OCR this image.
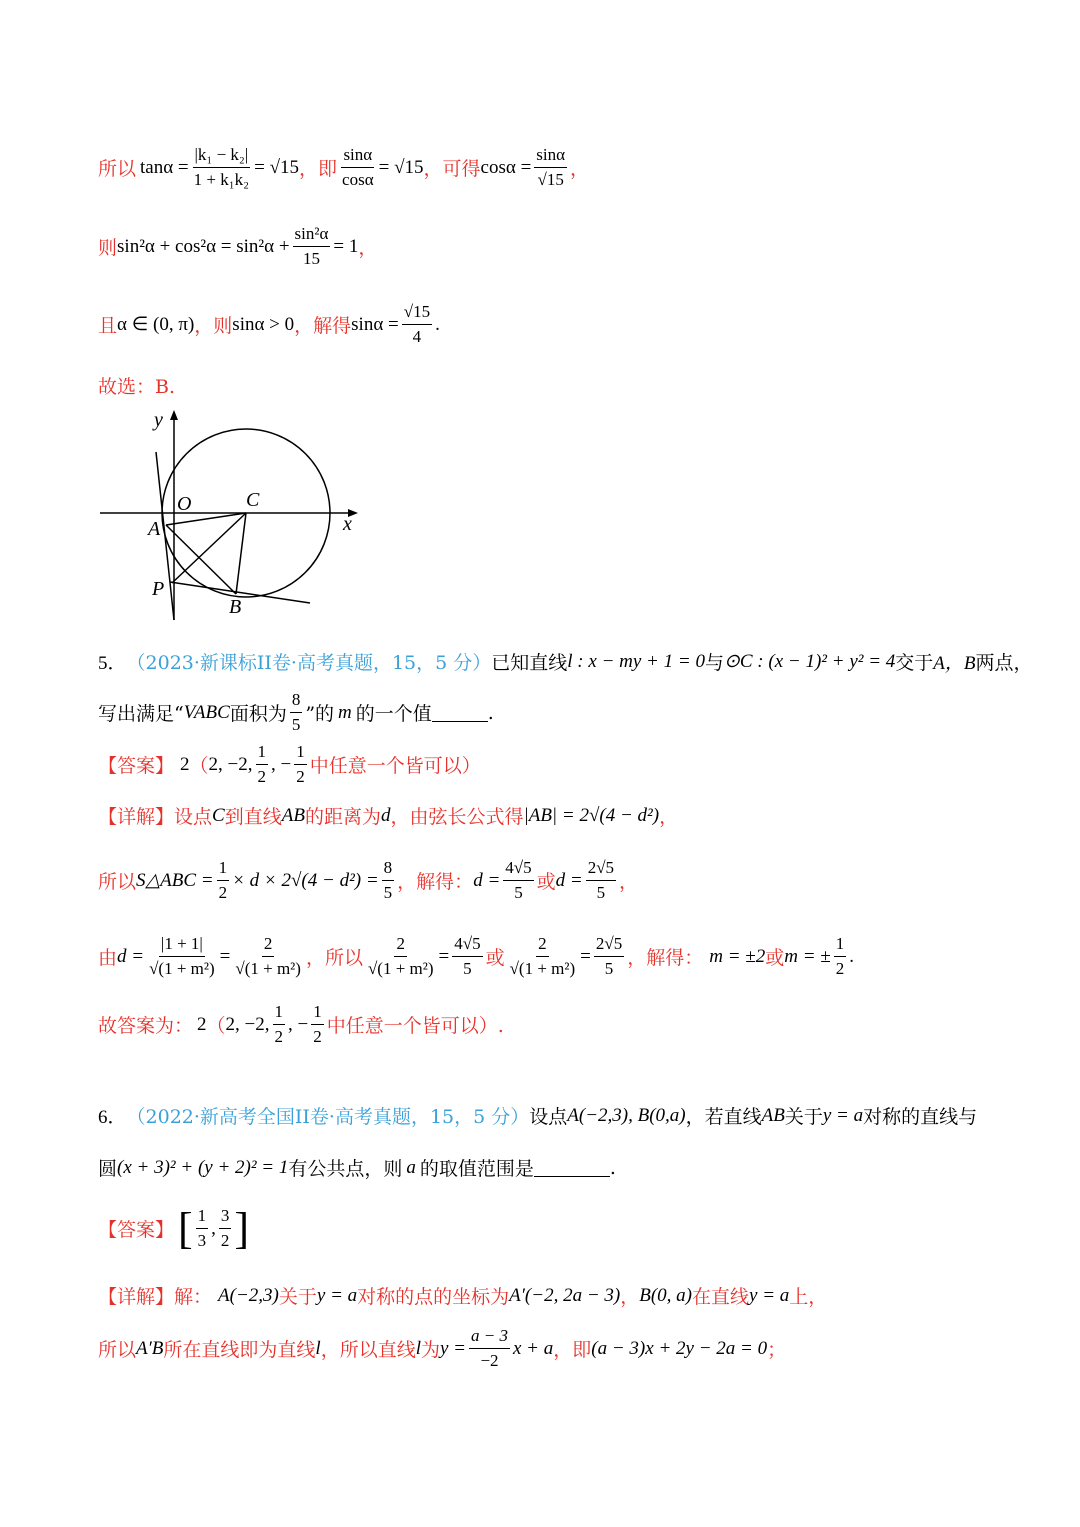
所以 $\tan\alpha = \frac{\text{|k₁ − k₂|}}{\text{1 + k₁k₂}} = √15$ ，即 $\frac{\sin\alpha}{\cos\alpha} = √15$ ，可得 $\cos\alpha = \frac{\sin\alpha}{√15}$ ，
则 $\sin^2\alpha + \cos^2\alpha = \sin^2\alpha + \frac{\text{sin²α}}{15} = 1$ ，
且 α ∈ (0, π) ，则 sinα > 0 ，解得 $\sin\alpha = \frac{√15}{4}$ .
故选：B.
y
x
O	C
A
P
B
5． （2023·新课标II卷·高考真题，15，5 分） 已知直线 l : x − my + 1 = 0 与 ⊙C : (x − 1)² + y² = 4 交于 A，B 两点，
写出满足“ VABC 面积为 $\frac{8}{5}$ ”的 m 的一个值	.
【答案】 2 （ 2, −2, $\frac{1}{2}$ , − $\frac{1}{2}$ 中任意一个皆可以）
【详解】 设点 C 到直线 AB 的距离为 d ，由弦长公式得 |AB| = 2√(4 − d²) ，
所以 S△ABC = $\frac{1}{2} \times d \times 2√(4 - d^2) = \frac{8}{5}$ ，解得： $d = \frac{4√5}{5}$ 或 $d = \frac{2√5}{5}$ ，
由 $d = \frac{|1 + 1|}{\text{√(1 + m²)}} = \frac{2}{\text{√(1 + m²)}}$ ，所以 $\frac{2}{\text{√(1 + m²)}} = \frac{4√5}{5}$ 或 $\frac{2}{\text{√(1 + m²)}} = \frac{2√5}{5}$ ，解得： m = ±2 或 m = ± $\frac{1}{2}$ .
故答案为： 2 （ 2, −2, $\frac{1}{2}$ , − $\frac{1}{2}$ 中任意一个皆可以）.
6． （2022·新高考全国II卷·高考真题，15，5 分） 设点 A(−2,3), B(0,a) ，若直线 AB 关于 y = a 对称的直线与
圆 (x + 3)² + (y + 2)² = 1 有公共点，则 a 的取值范围是	.
【答案】 [ $\frac{1}{3}$ , $\frac{3}{2}$ ]
【详解】 解： A(−2,3) 关于 y = a 对称的点的坐标为 A′(−2, 2a − 3) ， B(0, a) 在直线 y = a 上，
所以 A′B 所在直线即为直线 l ，所以直线 l 为 $y = \frac{a - 3}{-2}$ x + a ，即 (a − 3)x + 2y − 2a = 0 ；
